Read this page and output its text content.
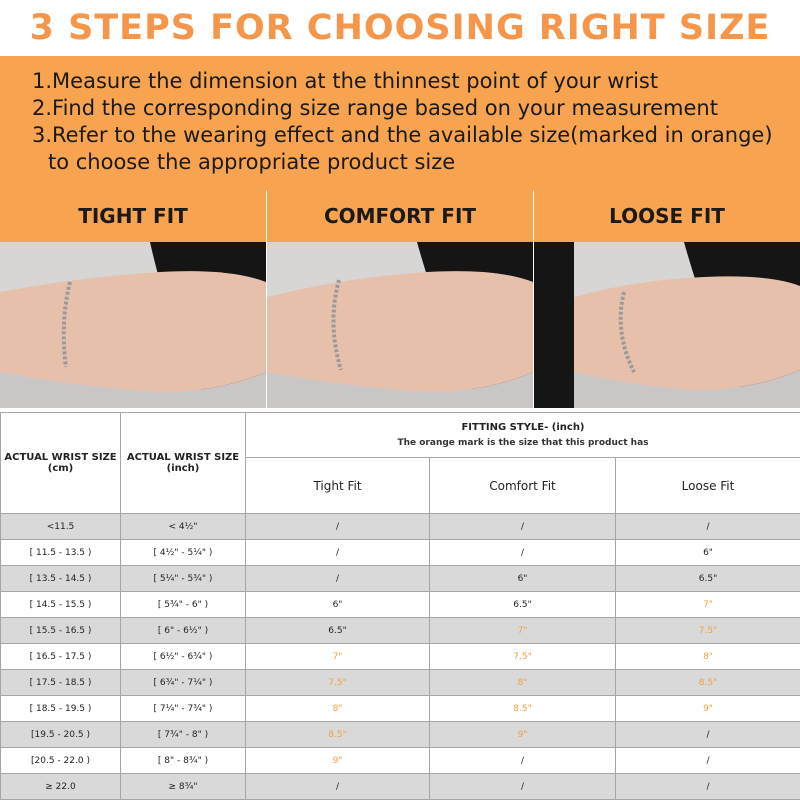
3 STEPS FOR CHOOSING RIGHT SIZE
1.Measure the dimension at the thinnest point of your wrist
2.Find the corresponding size range based on your measurement
3.Refer to the wearing effect and the available size(marked in orange)
to choose the appropriate product size
TIGHT FIT	COMFORT FIT	LOOSE FIT
ACTUAL WRIST SIZE (cm)	ACTUAL WRIST SIZE (inch)	FITTING STYLE- (inch)
The orange mark is the size that this product has		

		Tight Fit	Comfort Fit	Loose Fit
<11.5	< 4½"	/	/	/
[ 11.5 - 13.5 )	[ 4½" - 5¼" )	/	/	6"
[ 13.5 - 14.5 )	[ 5¼" - 5¾" )	/	6"	6.5"
[ 14.5 - 15.5 )	[ 5¾" - 6" )	6"	6.5"	7"
[ 15.5 - 16.5 )	[ 6" - 6½" )	6.5"	7"	7.5"
[ 16.5 - 17.5 )	[ 6½" - 6¾" )	7"	7.5"	8"
[ 17.5 - 18.5 )	[ 6¾" - 7¼" )	7.5"	8"	8.5"
[ 18.5 - 19.5 )	[ 7¼" - 7¾" )	8"	8.5"	9"
[19.5 - 20.5 )	[ 7¾" - 8" )	8.5"	9"	/
[20.5 - 22.0 )	[ 8" - 8¾" )	9"	/	/
≥ 22.0	≥ 8¾"	/	/	/
